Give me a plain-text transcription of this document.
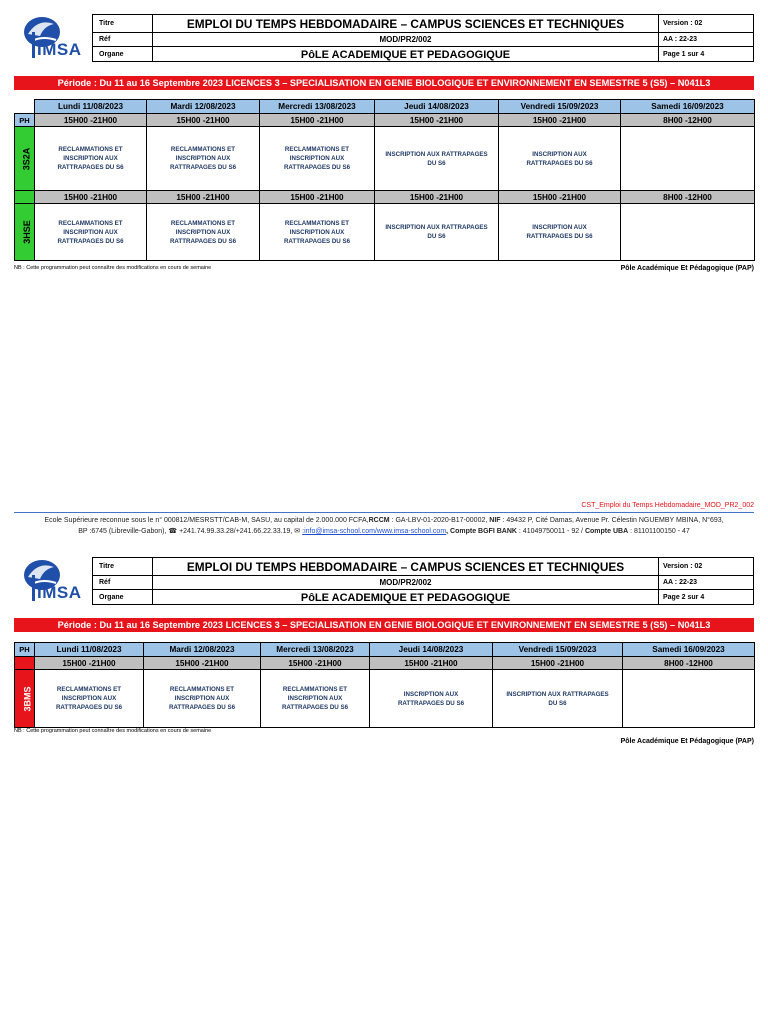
IMSA
Titre	EMPLOI DU TEMPS HEBDOMADAIRE – CAMPUS SCIENCES ET TECHNIQUES	Version : 02
Réf	MOD/PR2/002	AA : 22-23
Organe	PôLE ACADEMIQUE ET PEDAGOGIQUE	Page 1 sur 4
Période : Du 11 au 16 Septembre 2023 LICENCES 3 – SPECIALISATION EN GENIE BIOLOGIQUE ET ENVIRONNEMENT EN SEMESTRE 5 (S5) – N041L3
	Lundi 11/08/2023	Mardi 12/08/2023	Mercredi 13/08/2023	Jeudi 14/08/2023	Vendredi 15/09/2023	Samedi 16/09/2023
PH	15H00 -21H00	15H00 -21H00	15H00 -21H00	15H00 -21H00	15H00 -21H00	8H00 -12H00
3S2A	RECLAMMATIONS ET INSCRIPTION AUX RATTRAPAGES DU S6	RECLAMMATIONS ET INSCRIPTION AUX RATTRAPAGES DU S6	RECLAMMATIONS ET INSCRIPTION AUX RATTRAPAGES DU S6	INSCRIPTION AUX RATTRAPAGES DU S6	INSCRIPTION AUX RATTRAPAGES DU S6	
	15H00 -21H00	15H00 -21H00	15H00 -21H00	15H00 -21H00	15H00 -21H00	8H00 -12H00
3HSE	RECLAMMATIONS ET INSCRIPTION AUX RATTRAPAGES DU S6	RECLAMMATIONS ET INSCRIPTION AUX RATTRAPAGES DU S6	RECLAMMATIONS ET INSCRIPTION AUX RATTRAPAGES DU S6	INSCRIPTION AUX RATTRAPAGES DU S6	INSCRIPTION AUX RATTRAPAGES DU S6	
NB : Cette programmation peut connaître des modifications en cours de semaine	Pôle Académique Et Pédagogique (PAP)
CST_Emploi du Temps Hebdomadaire_MOD_PR2_002
Ecole Supérieure reconnue sous le n° 000812/MESRSTT/CAB-M, SASU, au capital de 2.000.000 FCFA,RCCM : GA-LBV-01-2020-B17-00002, NIF : 49432 P, Cité Damas, Avenue Pr. Célestin NGUEMBY MBINA, N°693,
BP :6745 (Libreville-Gabon), ☎ +241.74.99.33.28/+241.66.22.33.19, ✉ :info@imsa-school.com/www.imsa-school.com, Compte BGFI BANK : 41049750011 - 92 / Compte UBA : 81101100150 - 47
IMSA
Titre	EMPLOI DU TEMPS HEBDOMADAIRE – CAMPUS SCIENCES ET TECHNIQUES	Version : 02
Réf	MOD/PR2/002	AA : 22-23
Organe	PôLE ACADEMIQUE ET PEDAGOGIQUE	Page 2 sur 4
Période : Du 11 au 16 Septembre 2023 LICENCES 3 – SPECIALISATION EN GENIE BIOLOGIQUE ET ENVIRONNEMENT EN SEMESTRE 5 (S5) – N041L3
PH	Lundi 11/08/2023	Mardi 12/08/2023	Mercredi 13/08/2023	Jeudi 14/08/2023	Vendredi 15/09/2023	Samedi 16/09/2023
	15H00 -21H00	15H00 -21H00	15H00 -21H00	15H00 -21H00	15H00 -21H00	8H00 -12H00
3BMS	RECLAMMATIONS ET INSCRIPTION AUX RATTRAPAGES DU S6	RECLAMMATIONS ET INSCRIPTION AUX RATTRAPAGES DU S6	RECLAMMATIONS ET INSCRIPTION AUX RATTRAPAGES DU S6	INSCRIPTION AUX RATTRAPAGES DU S6	INSCRIPTION AUX RATTRAPAGES DU S6	
NB : Cette programmation peut connaître des modifications en cours de semaine
Pôle Académique Et Pédagogique (PAP)
